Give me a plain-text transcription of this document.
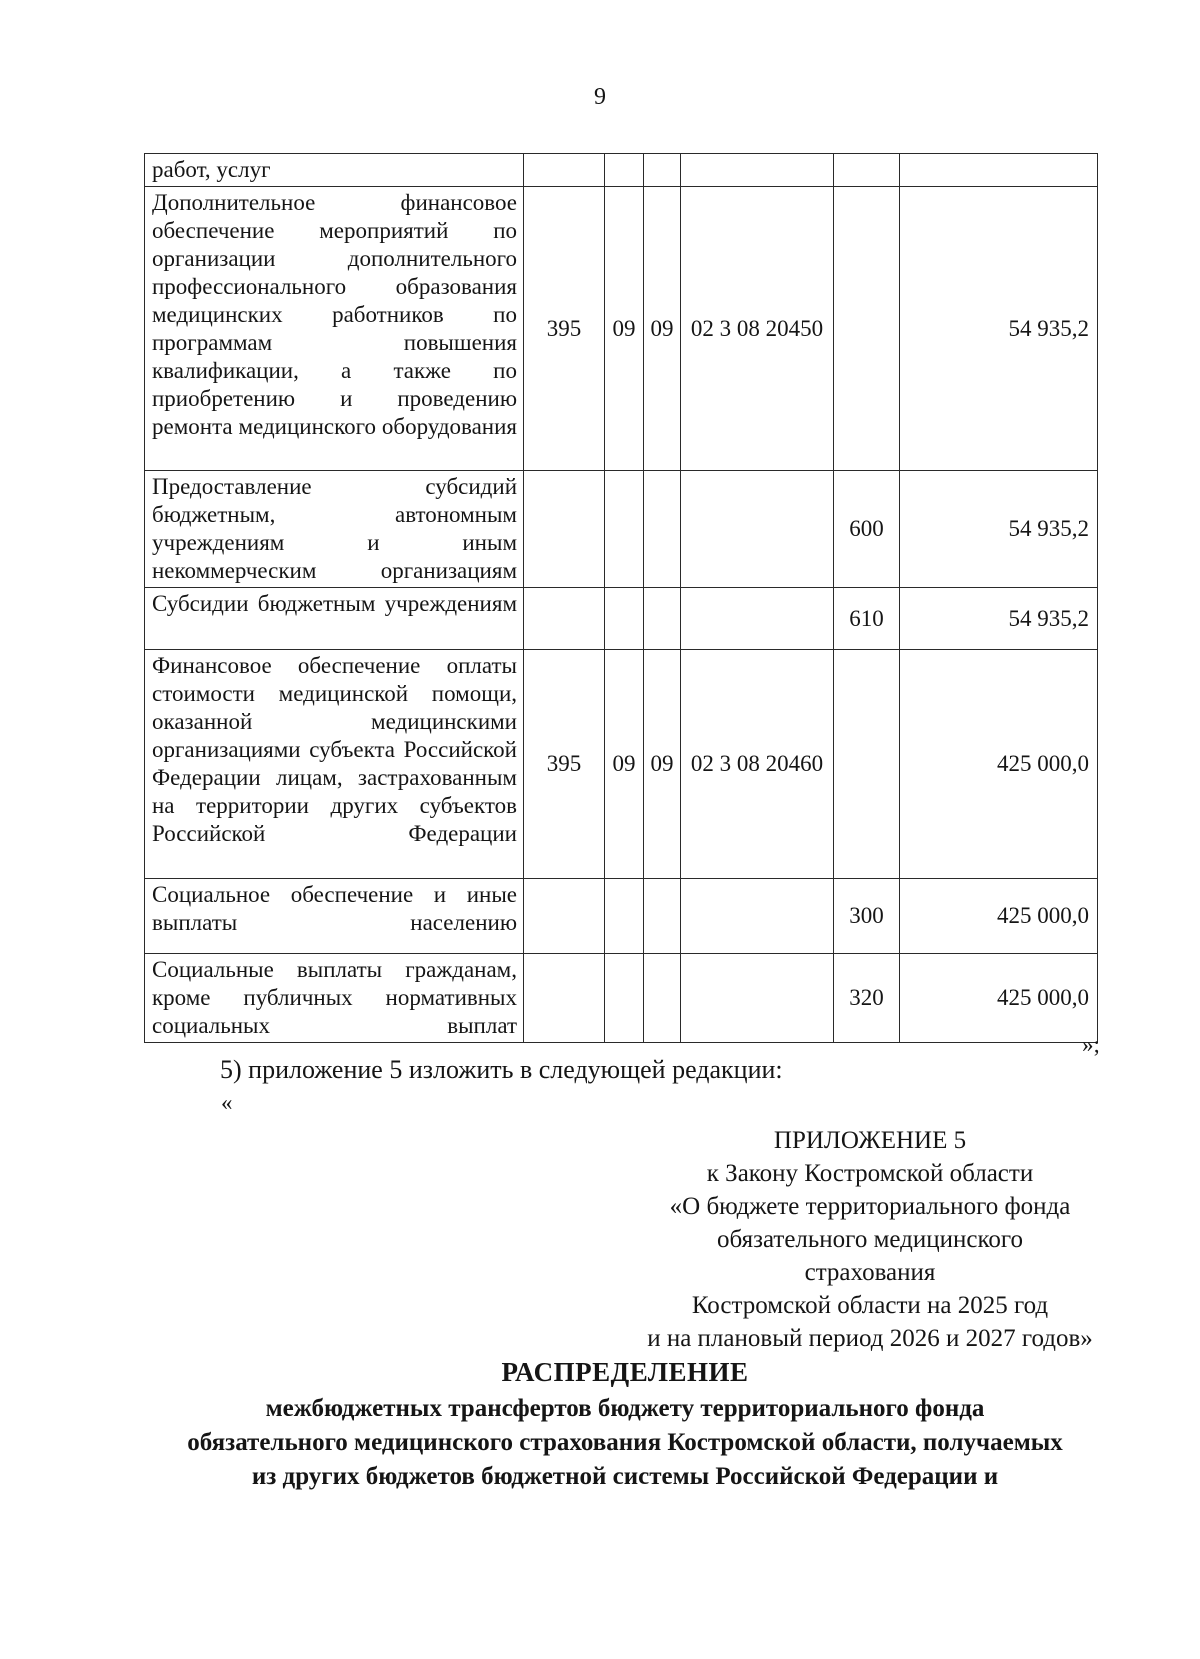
9
работ, услуг						
Дополнительное финансовое обеспечение мероприятий по организации дополнительного профессионального образования медицинских работников по программам повышения квалификации, а также по приобретению и проведению ремонта медицинского оборудования	395	09	09	02 3 08 20450		54 935,2
Предоставление субсидий бюджетным, автономным учреждениям и иным некоммерческим организациям					600	54 935,2
Субсидии бюджетным учреждениям					610	54 935,2
Финансовое обеспечение оплаты стоимости медицинской помощи, оказанной медицинскими организациями субъекта Российской Федерации лицам, застрахованным на территории других субъектов Российской Федерации	395	09	09	02 3 08 20460		425 000,0
Социальное обеспечение и иные выплаты населению					300	425 000,0
Социальные выплаты гражданам, кроме публичных нормативных социальных выплат					320	425 000,0
»;
5) приложение 5 изложить в следующей редакции:
«
ПРИЛОЖЕНИЕ 5
к Закону Костромской области
«О бюджете территориального фонда
обязательного медицинского
страхования
Костромской области на 2025 год
и на плановый период 2026 и 2027 годов»
РАСПРЕДЕЛЕНИЕ
межбюджетных трансфертов бюджету территориального фонда
обязательного медицинского страхования Костромской области, получаемых
из других бюджетов бюджетной системы Российской Федерации и
